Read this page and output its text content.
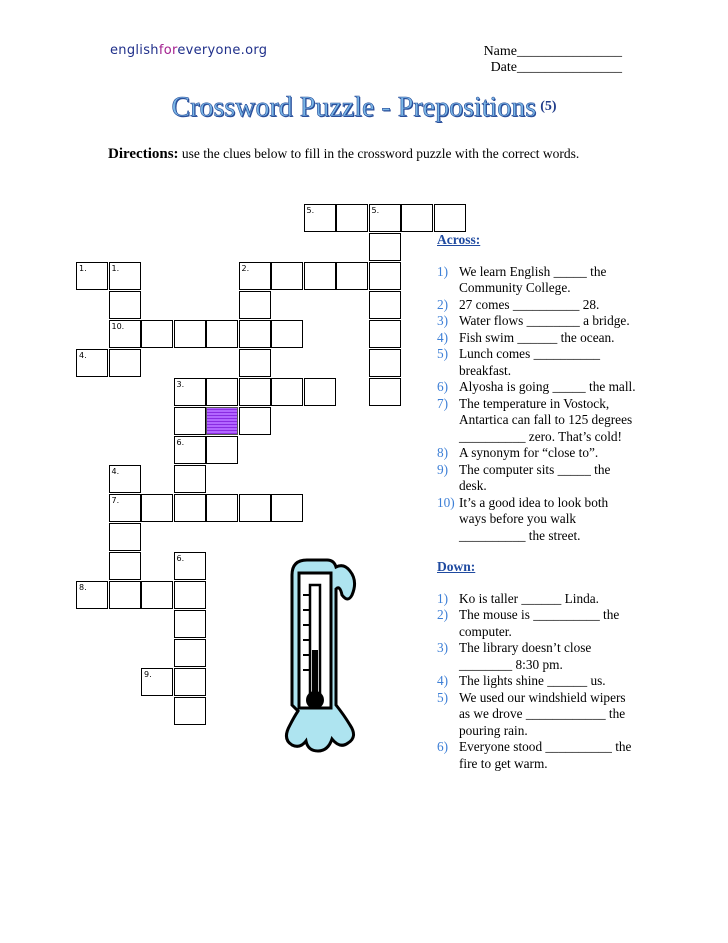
englishforeveryone.org	Name_______________
Date_______________
Crossword Puzzle - Prepositions (5)
Directions: use the clues below to fill in the crossword puzzle with the correct words.
5.	5.
1.	1.	2.
10.
4.
3.
6.
4.
7.
6.
8.
9.
Across:
1) We learn English _____ the Community College.
2) 27 comes __________ 28.
3) Water flows ________ a bridge.
4) Fish swim ______ the ocean.
5) Lunch comes __________ breakfast.
6) Alyosha is going _____ the mall.
7) The temperature in Vostock, Antartica can fall to 125 degrees __________ zero. That’s cold!
8) A synonym for “close to”.
9) The computer sits _____ the desk.
10) It’s a good idea to look both ways before you walk __________ the street.
Down:
1) Ko is taller ______ Linda.
2) The mouse is __________ the computer.
3) The library doesn’t close ________ 8:30 pm.
4) The lights shine ______ us.
5) We used our windshield wipers as we drove ____________ the pouring rain.
6) Everyone stood __________ the fire to get warm.
